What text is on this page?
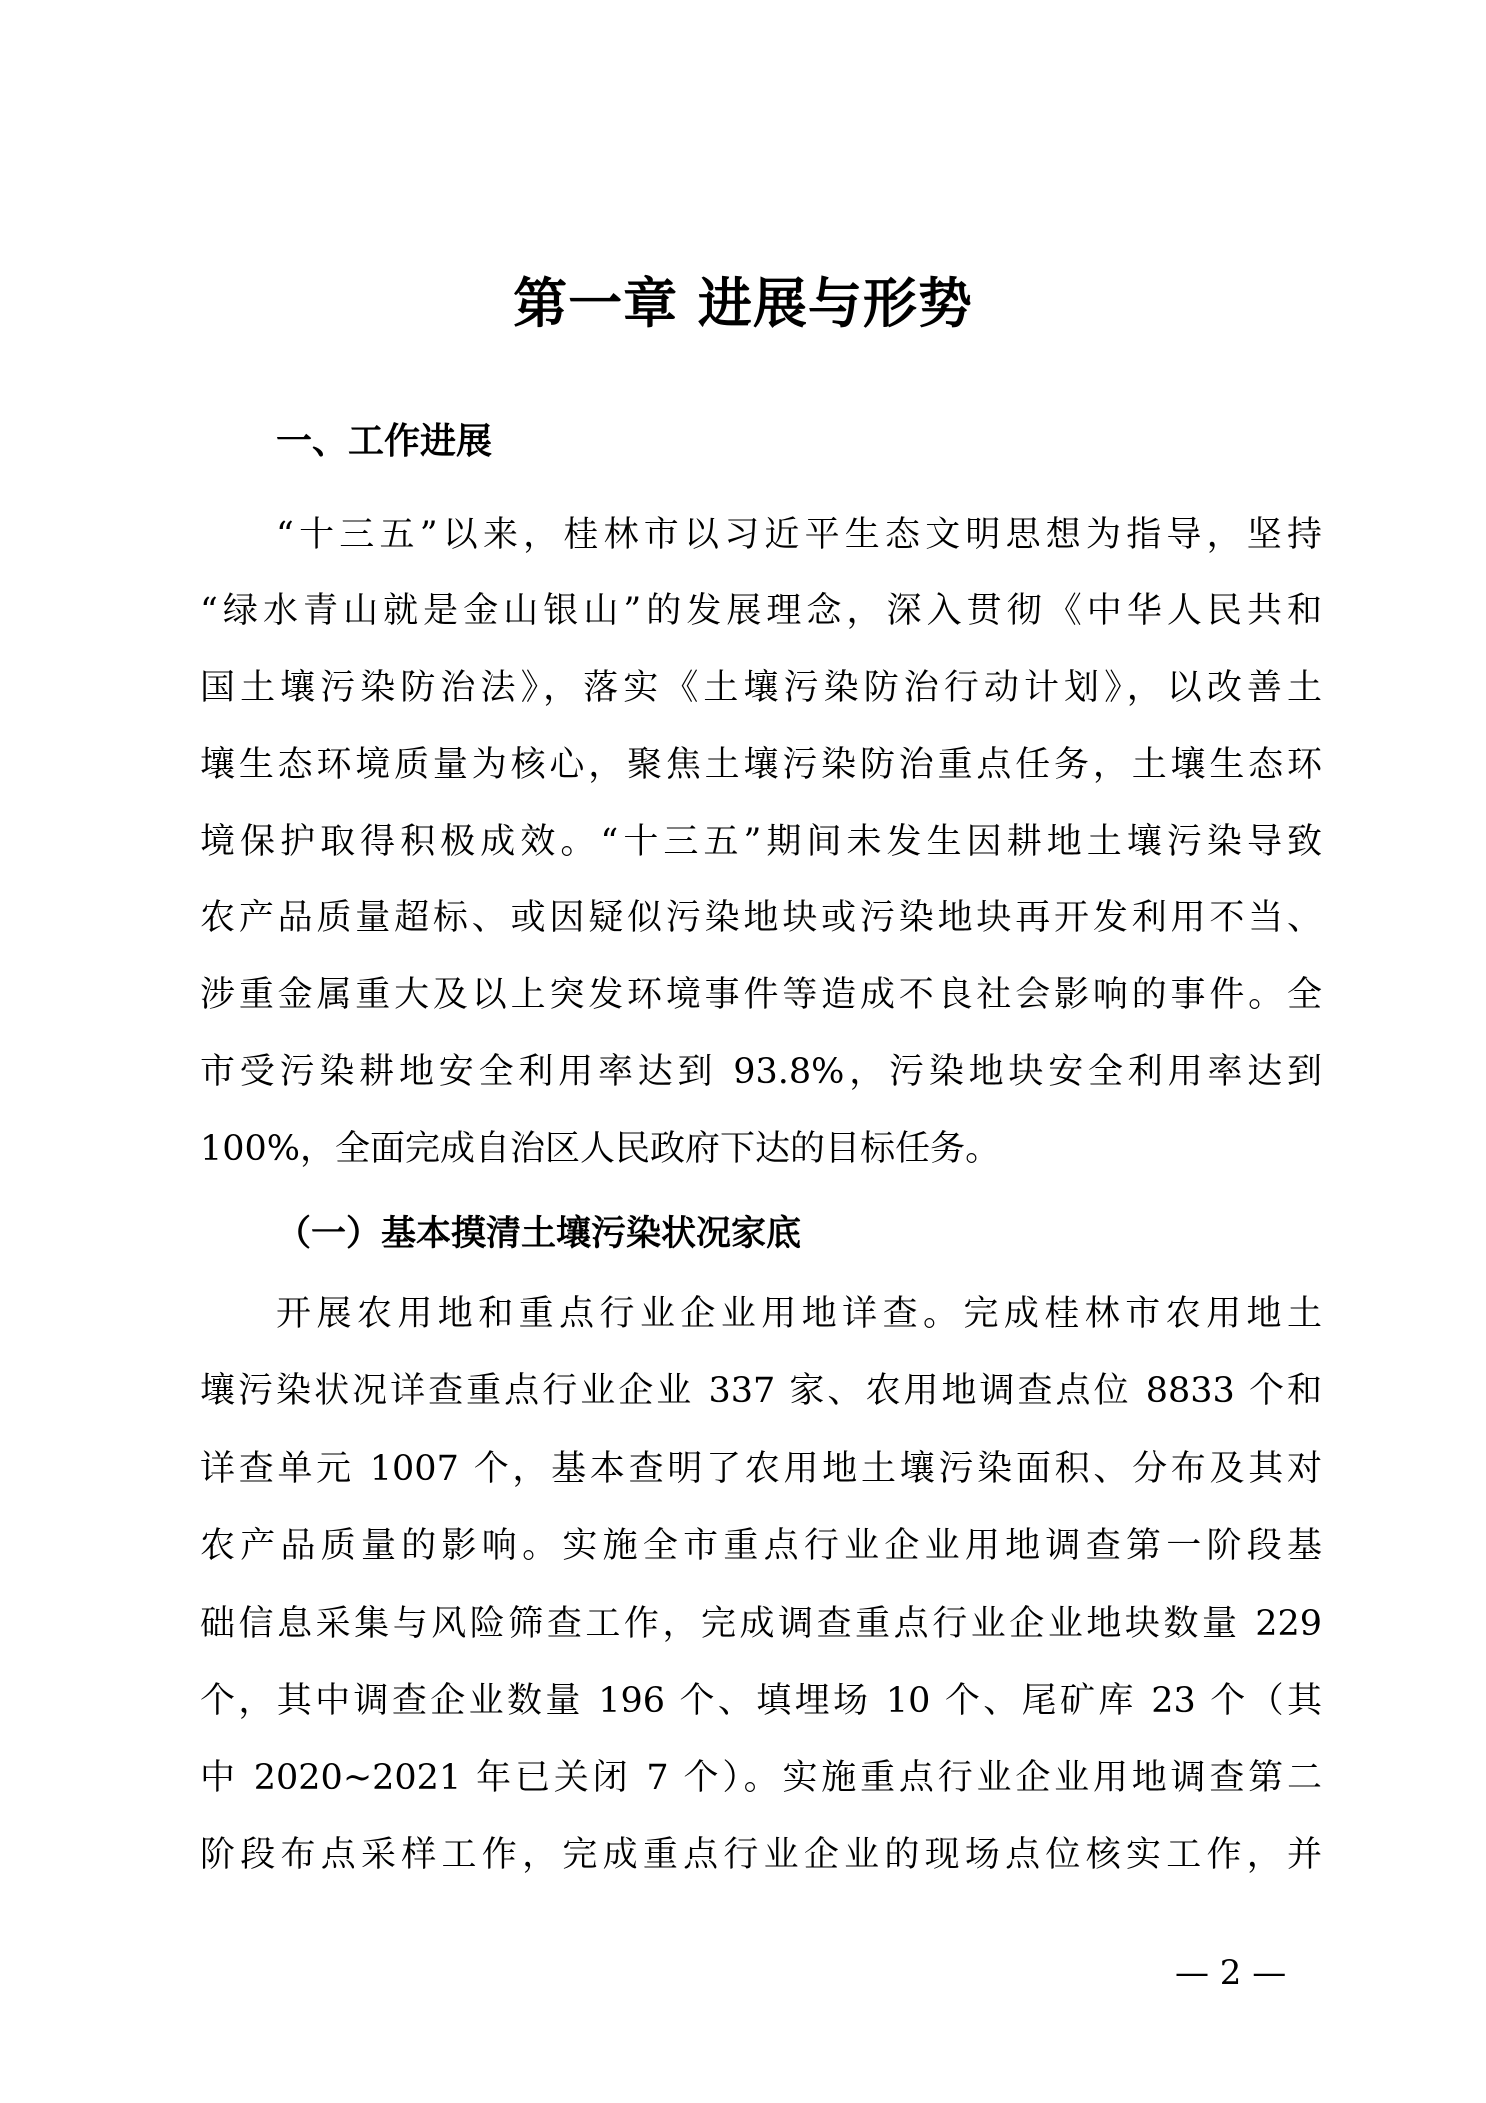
第一章 进展与形势
一、工作进展
“十三五”以来，桂林市以习近平生态文明思想为指导，坚持
“绿水青山就是金山银山”的发展理念，深入贯彻《中华人民共和
国土壤污染防治法》，落实《土壤污染防治行动计划》，以改善土
壤生态环境质量为核心，聚焦土壤污染防治重点任务，土壤生态环
境保护取得积极成效。“十三五”期间未发生因耕地土壤污染导致
农产品质量超标、或因疑似污染地块或污染地块再开发利用不当、
涉重金属重大及以上突发环境事件等造成不良社会影响的事件。全
市受污染耕地安全利用率达到 93.8%，污染地块安全利用率达到
100%，全面完成自治区人民政府下达的目标任务。
（一）基本摸清土壤污染状况家底
开展农用地和重点行业企业用地详查。完成桂林市农用地土
壤污染状况详查重点行业企业 337 家、农用地调查点位 8833 个和
详查单元 1007 个，基本查明了农用地土壤污染面积、分布及其对
农产品质量的影响。实施全市重点行业企业用地调查第一阶段基
础信息采集与风险筛查工作，完成调查重点行业企业地块数量 229
个，其中调查企业数量 196 个、填埋场 10 个、尾矿库 23 个（其
中 2020~2021 年已关闭 7 个）。实施重点行业企业用地调查第二
阶段布点采样工作，完成重点行业企业的现场点位核实工作，并
— 2 —
